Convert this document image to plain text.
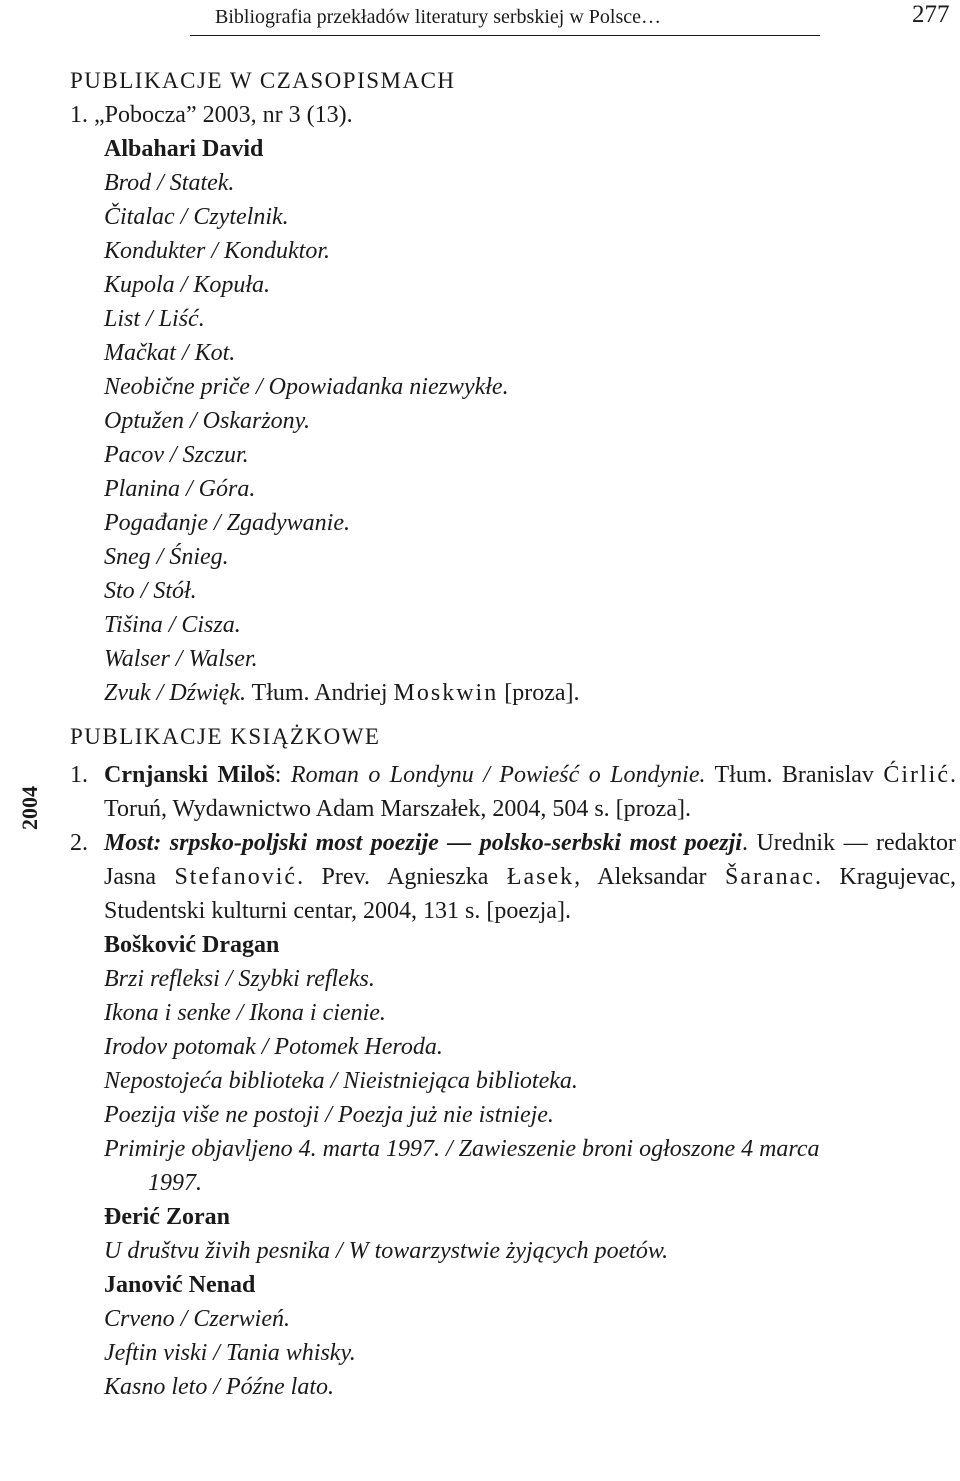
Bibliografia przekładów literatury serbskiej w Polsce…	277
2004
PUBLIKACJE W CZASOPISMACH
1. „Pobocza” 2003, nr 3 (13).
Albahari David
Brod / Statek.
Čitalac / Czytelnik.
Kondukter / Konduktor.
Kupola / Kopuła.
List / Liść.
Mačkat / Kot.
Neobične priče / Opowiadanka niezwykłe.
Optužen / Oskarżony.
Pacov / Szczur.
Planina / Góra.
Pogađanje / Zgadywanie.
Sneg / Śnieg.
Sto / Stół.
Tišina / Cisza.
Walser / Walser.
Zvuk / Dźwięk. Tłum. Andriej Moskwin [proza].
PUBLIKACJE KSIĄŻKOWE
1. Crnjanski Miloš: Roman o Londynu / Powieść o Londynie. Tłum. Branislav Ćirlić. Toruń, Wydawnictwo Adam Marszałek, 2004, 504 s. [proza].
2. Most: srpsko-poljski most poezije — polsko-serbski most poezji. Urednik — redaktor Jasna Stefanović. Prev. Agnieszka Łasek, Aleksandar Šaranac. Kragujevac, Studentski kulturni centar, 2004, 131 s. [poezja].
Bošković Dragan
Brzi refleksi / Szybki refleks.
Ikona i senke / Ikona i cienie.
Irodov potomak / Potomek Heroda.
Nepostojeća biblioteka / Nieistniejąca biblioteka.
Poezija više ne postoji / Poezja już nie istnieje.
Primirje objavljeno 4. marta 1997. / Zawieszenie broni ogłoszone 4 marca
1997.
Đerić Zoran
U društvu živih pesnika / W towarzystwie żyjących poetów.
Janović Nenad
Crveno / Czerwień.
Jeftin viski / Tania whisky.
Kasno leto / Późne lato.
